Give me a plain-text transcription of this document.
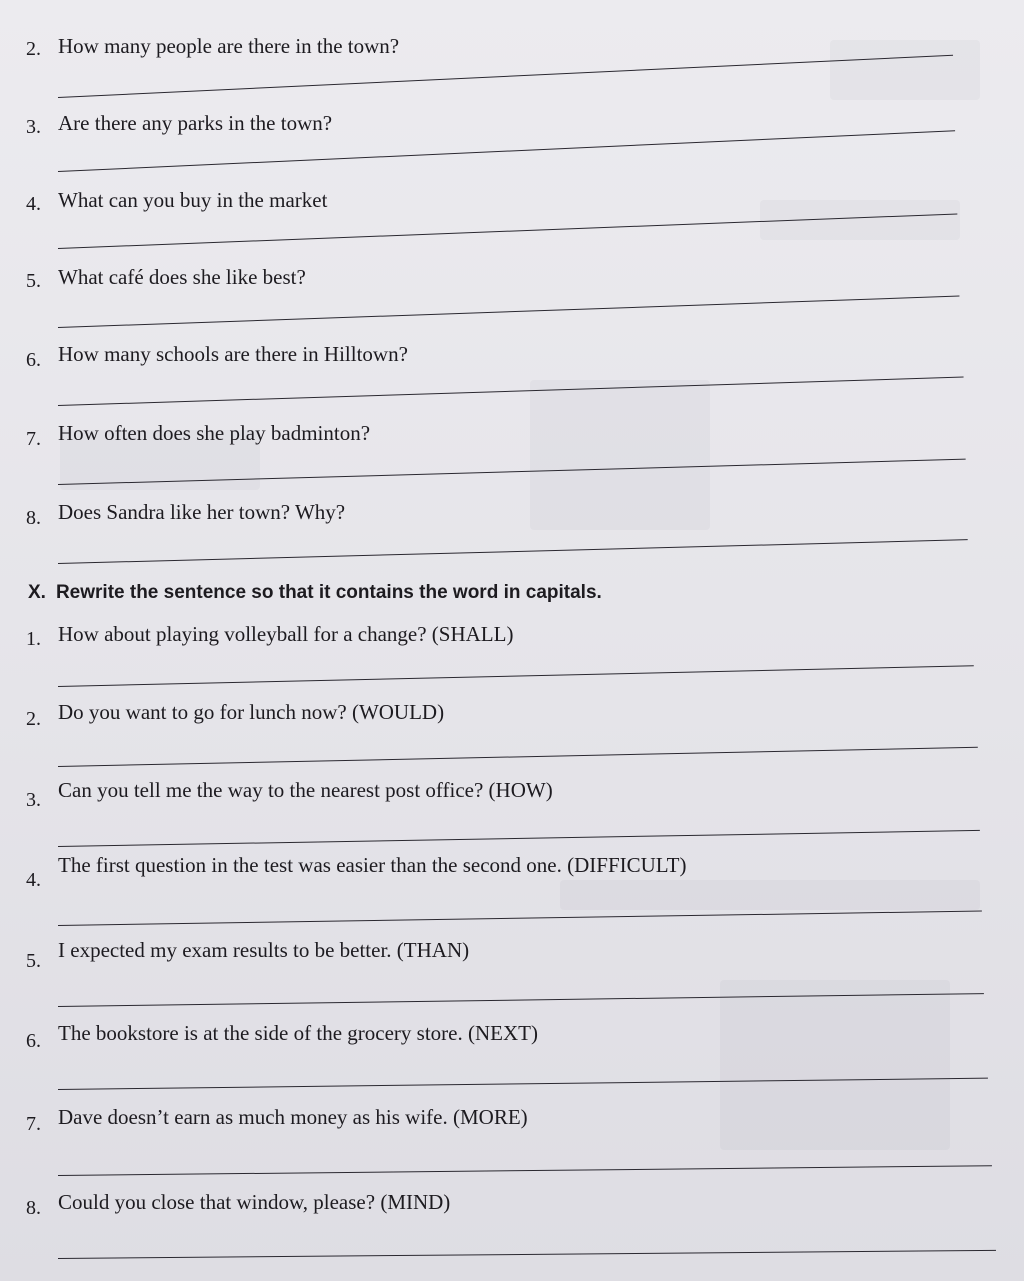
2. How many people are there in the town?
3. Are there any parks in the town?
4. What can you buy in the market
5. What café does she like best?
6. How many schools are there in Hilltown?
7. How often does she play badminton?
8. Does Sandra like her town? Why?
X. Rewrite the sentence so that it contains the word in capitals.
1. How about playing volleyball for a change? (SHALL)
2. Do you want to go for lunch now? (WOULD)
3. Can you tell me the way to the nearest post office? (HOW)
4.
The first question in the test was easier than the second one. (DIFFICULT)
5. I expected my exam results to be better. (THAN)
6. The bookstore is at the side of the grocery store. (NEXT)
7. Dave doesn’t earn as much money as his wife. (MORE)
8. Could you close that window, please? (MIND)
